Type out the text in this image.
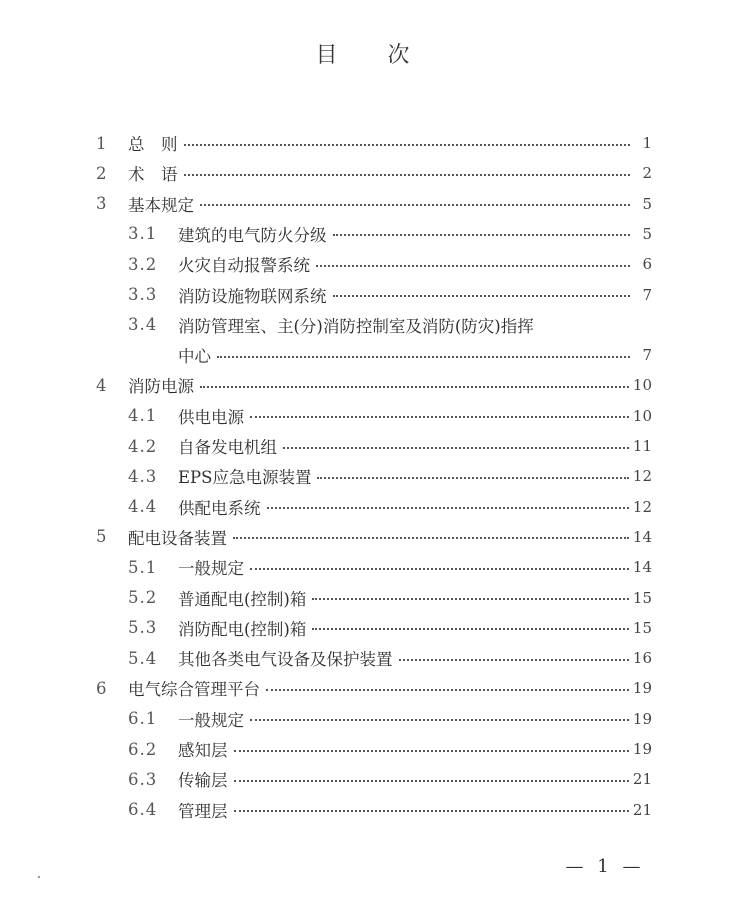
目　次
1	总　则	1
2	术　语	2
3	基本规定	5
3.1	建筑的电气防火分级	5
3.2	火灾自动报警系统	6
3.3	消防设施物联网系统	7
3.4	消防管理室、主(分)消防控制室及消防(防灾)指挥
中心	7
4	消防电源	10
4.1	供电电源	10
4.2	自备发电机组	11
4.3	EPS应急电源装置	12
4.4	供配电系统	12
5	配电设备装置	14
5.1	一般规定	14
5.2	普通配电(控制)箱	15
5.3	消防配电(控制)箱	15
5.4	其他各类电气设备及保护装置	16
6	电气综合管理平台	19
6.1	一般规定	19
6.2	感知层	19
6.3	传输层	21
6.4	管理层	21
— 1 —
